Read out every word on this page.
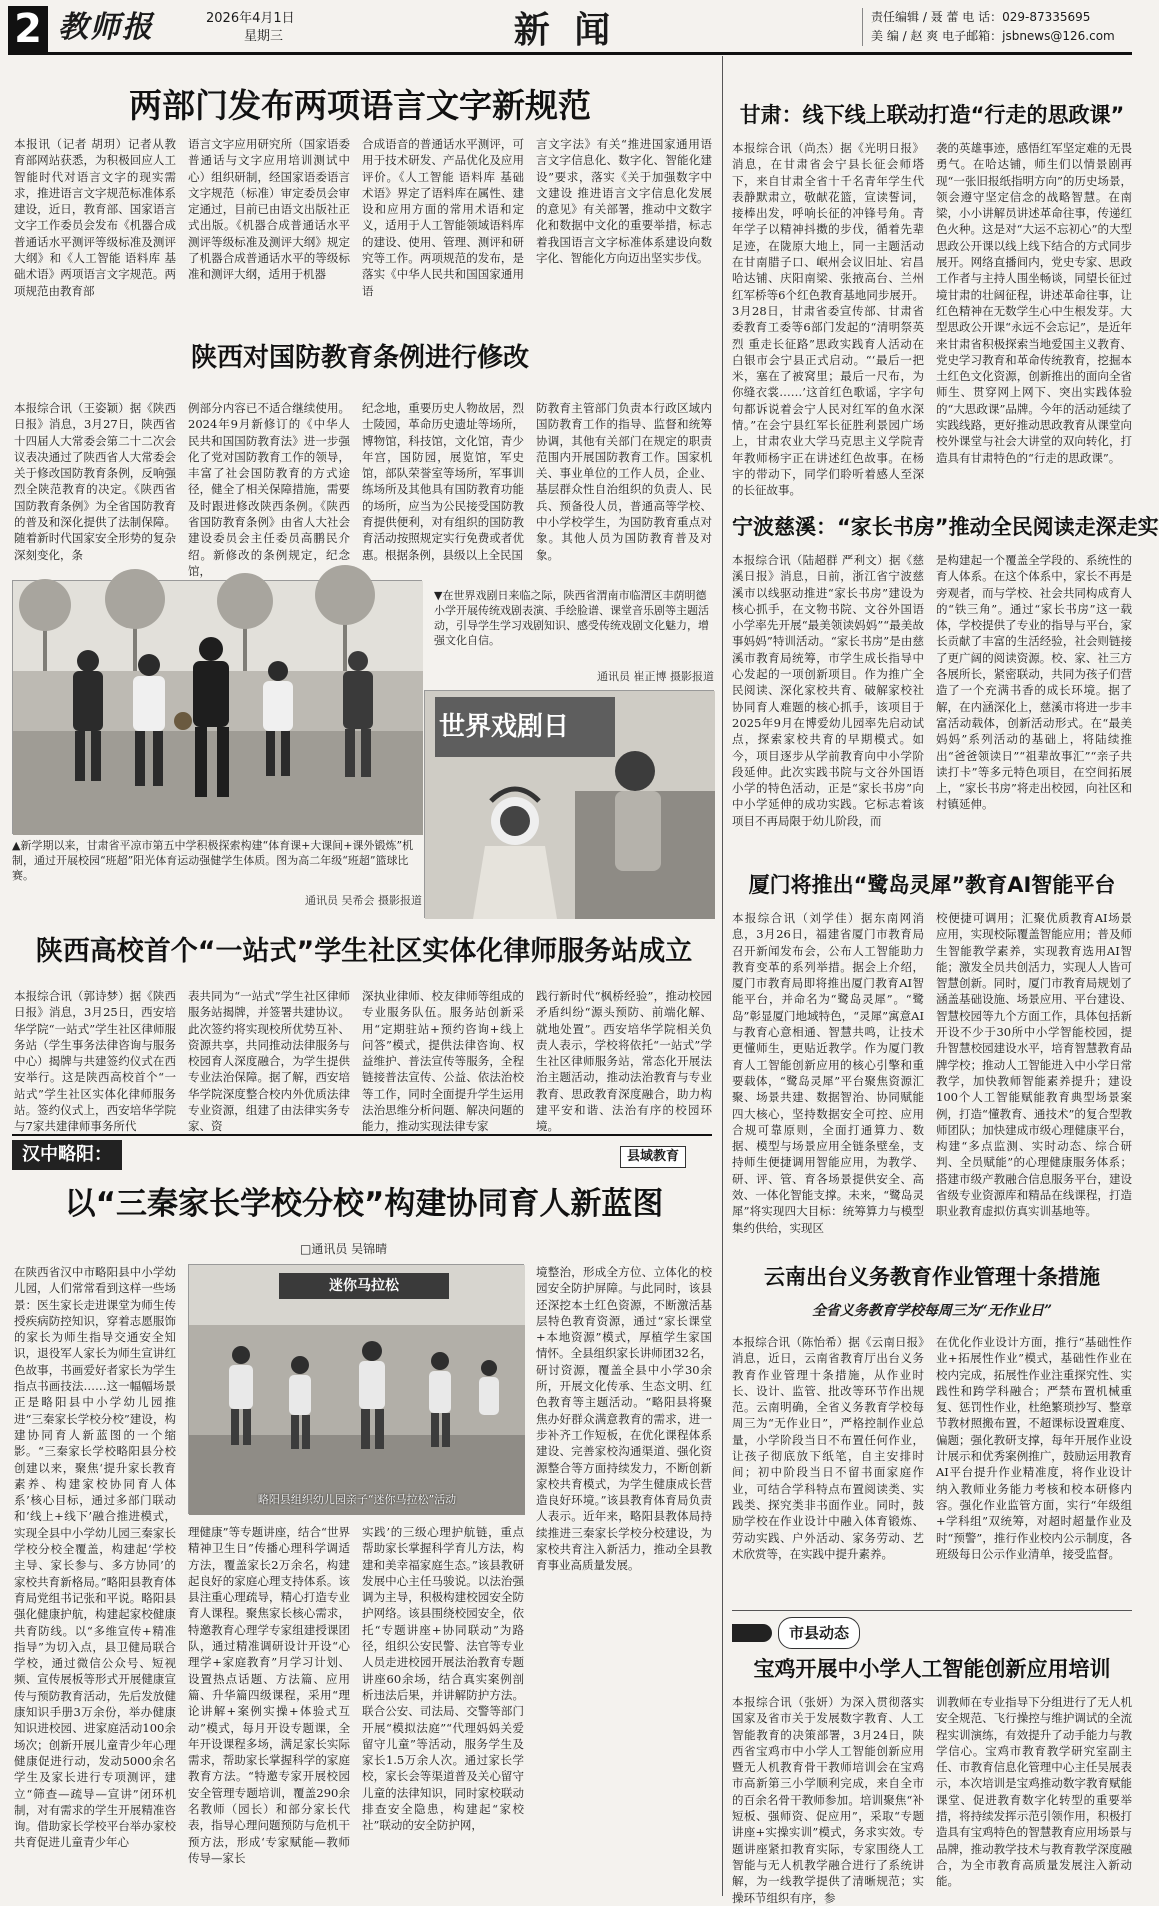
2 教师报	2026年4月1日
星期三	新 闻	责任编辑 / 聂 蕾 电 话：029-87335695
美 编 / 赵 爽 电子邮箱：jsbnews@126.com
两部门发布两项语言文字新规范
本报讯（记者 胡玥）记者从教育部网站获悉，为积极回应人工智能时代对语言文字的现实需求，推进语言文字规范标准体系建设，近日，教育部、国家语言文字工作委员会发布《机器合成普通话水平测评等级标准及测评大纲》和《人工智能 语料库 基础术语》两项语言文字规范。两项规范由教育部
语言文字应用研究所（国家语委普通话与文字应用培训测试中心）组织研制，经国家语委语言文字规范（标准）审定委员会审定通过，目前已由语文出版社正式出版。《机器合成普通话水平测评等级标准及测评大纲》规定了机器合成普通话水平的等级标准和测评大纲，适用于机器
合成语音的普通话水平测评，可用于技术研发、产品优化及应用评价。《人工智能 语料库 基础术语》界定了语料库在属性、建设和应用方面的常用术语和定义，适用于人工智能领域语料库的建设、使用、管理、测评和研究等工作。两项规范的发布，是落实《中华人民共和国国家通用语
言文字法》有关“推进国家通用语言文字信息化、数字化、智能化建设”要求，落实《关于加强数字中文建设 推进语言文字信息化发展的意见》有关部署，推动中文数字化和数据中文化的重要举措，标志着我国语言文字标准体系建设向数字化、智能化方向迈出坚实步伐。
陕西对国防教育条例进行修改
本报综合讯（王姿颖）据《陕西日报》消息，3月27日，陕西省十四届人大常委会第二十二次会议表决通过了陕西省人大常委会关于修改国防教育条例，反响强烈全陕范教育的决定。《陕西省国防教育条例》为全省国防教育的普及和深化提供了法制保障。随着新时代国家安全形势的复杂深刻变化，条
例部分内容已不适合继续使用。2024年9月新修订的《中华人民共和国国防教育法》进一步强化了党对国防教育工作的领导，丰富了社会国防教育的方式途径，健全了相关保障措施，需要及时跟进修改陕西条例。《陕西省国防教育条例》由省人大社会建设委员会主任委员高鹏民介绍。新修改的条例规定，纪念馆，
纪念地，重要历史人物故居，烈士陵园，革命历史遗址等场所，博物馆，科技馆，文化馆，青少年宫，国防园，展览馆，军史馆，部队荣誉室等场所，军事训练场所及其他具有国防教育功能的场所，应当为公民接受国防教育提供便利，对有组织的国防教育活动按照规定实行免费或者优惠。根据条例，县级以上全民国
防教育主管部门负责本行政区域内国防教育工作的指导、监督和统筹协调，其他有关部门在规定的职责范围内开展国防教育工作。国家机关、事业单位的工作人员，企业、基层群众性自治组织的负责人、民兵、预备役人员，普通高等学校、中小学校学生，为国防教育重点对象。其他人员为国防教育普及对象。
▲新学期以来，甘肃省平凉市第五中学积极探索构建“体育课+大课间+课外锻炼”机制，通过开展校园“班超”阳光体育运动强健学生体质。图为高二年级“班超”篮球比赛。
通讯员 吴希会 摄影报道
▼在世界戏剧日来临之际，陕西省渭南市临渭区丰荫明德小学开展传统戏剧表演、手绘脸谱、课堂音乐剧等主题活动，引导学生学习戏剧知识、感受传统戏剧文化魅力，增强文化自信。
通讯员 崔正博 摄影报道
世界戏剧日
陕西高校首个“一站式”学生社区实体化律师服务站成立
本报综合讯（郭诗梦）据《陕西日报》消息，3月25日，西安培华学院“一站式”学生社区律师服务站（学生事务法律咨询与服务中心）揭牌与共建签约仪式在西安举行。这是陕西高校首个“一站式”学生社区实体化律师服务站。签约仪式上，西安培华学院与7家共建律师事务所代
表共同为“一站式”学生社区律师服务站揭牌，并签署共建协议。此次签约将实现校所优势互补、资源共享，共同推动法律服务与校园育人深度融合，为学生提供专业法治保障。据了解，西安培华学院深度整合校内外优质法律专业资源，组建了由法律实务专家、资
深执业律师、校友律师等组成的专业服务队伍。服务站创新采用“定期驻站+预约咨询+线上问答”模式，提供法律咨询、权益维护、普法宣传等服务，全程链接普法宣传、公益、依法治校等工作，同时全面提升学生运用法治思维分析问题、解决问题的能力，推动实现法律专家
践行新时代“枫桥经验”，推动校园矛盾纠纷“源头预防、前端化解、就地处置”。西安培华学院相关负责人表示，学校将依托“一站式”学生社区律师服务站，常态化开展法治主题活动，推动法治教育与专业教育、思政教育深度融合，助力构建平安和谐、法治有序的校园环境。
汉中略阳：	县域教育
以“三秦家长学校分校”构建协同育人新蓝图
□通讯员 吴锦晴
在陕西省汉中市略阳县中小学幼儿园，人们常常看到这样一些场景：医生家长走进课堂为师生传授疾病防控知识，穿着志愿服饰的家长为师生指导交通安全知识，退役军人家长为师生宣讲红色故事，书画爱好者家长为学生指点书画技法……这一幅幅场景正是略阳县中小学幼儿园推进“三秦家长学校分校”建设，构建协同育人新蓝图的一个缩影。“三秦家长学校略阳县分校创建以来，聚焦‘提升家长教育素养、构建家校协同育人体系’核心目标，通过多部门联动和‘线上+线下’融合推进模式，实现全县中小学幼儿园三秦家长学校分校全覆盖，构建起‘学校主导、家长参与、多方协同’的家校共育新格局。”略阳县教育体育局党组书记张和平说。略阳县强化健康护航，构建起家校健康共育防线。以“多维宣传+精准指导”为切入点，县卫健局联合学校，通过微信公众号、短视频、宣传展板等形式开展健康宣传与预防教育活动，先后发放健康知识手册3万余份，举办健康知识进校园、进家庭活动100余场次；创新开展儿童青少年心理健康促进行动，发动5000余名学生及家长进行专项测评，建立“筛查—疏导—宣讲”闭环机制，对有需求的学生开展精准咨询。借助家长学校平台举办家校共育促进儿童青少年心
迷你马拉松
略阳县组织幼儿园亲子“迷你马拉松”活动
理健康”等专题讲座，结合“世界精神卫生日”传播心理科学调适方法，覆盖家长2万余名，构建起良好的家庭心理支持体系。该县注重心理疏导，精心打造专业育人课程。聚焦家长核心需求，特邀教育心理学专家组建授课团队，通过精准调研设计开设“心理学+家庭教育”月学习计划、设置热点话题、方法篇、应用篇、升华篇四级课程，采用“理论讲解+案例实操+体验式互动”模式，每月开设专题课，全年开设课程多场，满足家长实际需求，帮助家长掌握科学的家庭教育方法。“特邀专家开展校园安全管理专题培训，覆盖290余名教师（园长）和部分家长代表，指导心理问题预防与危机干预方法，形成‘专家赋能—教师传导—家长
实践’的三级心理护航链，重点帮助家长掌握科学育儿方法，构建和美幸福家庭生态。”该县教研发展中心主任马骏说。以法治强调为主导，积极构建校园安全防护网络。该县围绕校园安全，依托“专题讲座+协同联动”为路径，组织公安民警、法官等专业人员走进校园开展法治教育专题讲座60余场，结合真实案例剖析违法后果，并讲解防护方法。联合公安、司法局、交警等部门开展“模拟法庭”“代理妈妈关爱留守儿童”等活动，服务学生及家长1.5万余人次。通过家长学校，家长会等渠道普及关心留守儿童的法律知识，同时家校联动排查安全隐患，构建起“家校社”联动的安全防护网，
境整治，形成全方位、立体化的校园安全防护屏障。与此同时，该县还深挖本土红色资源，不断激活基层特色教育资源，通过“家长课堂+本地资源”模式，厚植学生家国情怀。全县组织家长讲师团32名，研讨资源，覆盖全县中小学30余所，开展文化传承、生态文明、红色教育等主题活动。“略阳县将聚焦办好群众满意教育的需求，进一步补齐工作短板，在优化课程体系建设、完善家校沟通渠道、强化资源整合等方面持续发力，不断创新家校共育模式，为学生健康成长营造良好环境。”该县教育体育局负责人表示。近年来，略阳县教体局持续推进三秦家长学校分校建设，为家校共育注入新活力，推动全县教育事业高质量发展。
甘肃：线下线上联动打造“行走的思政课”
本报综合讯（尚杰）据《光明日报》消息，在甘肃省会宁县长征会师塔下，来自甘肃全省十千名青年学生代表静默肃立，敬献花篮，宣读誓词，接棒出发，呼响长征的冲锋号角。青年学子以精神抖擞的步伐，循着先辈足迹，在陇原大地上，同一主题活动在甘南腊子口、岷州会议旧址、宕昌哈达铺、庆阳南梁、张掖高台、兰州红军桥等6个红色教育基地同步展开。3月28日，甘肃省委宣传部、甘肃省委教育工委等6部门发起的“清明祭英烈 重走长征路”思政实践育人活动在白银市会宁县正式启动。“‘最后一把米，塞在了被窝里；最后一尺布，为你缝衣裳……’这首红色歌谣，字字句句都诉说着会宁人民对红军的鱼水深情。”在会宁县红军长征胜利景园广场上，甘肃农业大学马克思主义学院青年教师杨宇正在讲述红色故事。在杨宇的带动下，同学们聆听着感人至深的长征故事。
袭的英雄事迹，感悟红军坚定难的无畏勇气。在哈达铺，师生们以情景剧再现“一张旧报纸指明方向”的历史场景，领会遵守坚定信念的战略智慧。在南梁，小小讲解员讲述革命往事，传递红色火种。这是对“大运不忘初心”的大型思政公开课以线上线下结合的方式同步展开。网络直播间内，党史专家、思政工作者与主持人围坐畅谈，同望长征过境甘肃的壮阔征程，讲述革命往事，让红色精神在无数学生心中生根发芽。大型思政公开课“永远不会忘记”，是近年来甘肃省积极探索当地爱国主义教育、党史学习教育和革命传统教育，挖掘本土红色文化资源，创新推出的面向全省师生、贯穿网上网下、突出实践体验的“大思政课”品牌。今年的活动延续了实践线路，更好推动思政教育从课堂向校外课堂与社会大讲堂的双向转化，打造具有甘肃特色的“行走的思政课”。
宁波慈溪：“家长书房”推动全民阅读走深走实
本报综合讯（陆超群 严利文）据《慈溪日报》消息，日前，浙江省宁波慈溪市以线驱动推进“家长书房”建设为核心抓手，在文物书院、文谷外国语小学率先开展“最美领读妈妈”“最美故事妈妈”特训活动。“家长书房”是由慈溪市教育局统筹，市学生成长指导中心发起的一项创新项目。作为推广全民阅读、深化家校共育、破解家校社协同育人难题的核心抓手，该项目于2025年9月在博爱幼儿园率先启动试点，探索家校共育的早期模式。如今，项目逐步从学前教育向中小学阶段延伸。此次实践书院与文谷外国语小学的特色活动，正是“家长书房”向中小学延伸的成功实践。它标志着该项目不再局限于幼儿阶段，而
是构建起一个覆盖全学段的、系统性的育人体系。在这个体系中，家长不再是旁观者，而与学校、社会共同构成育人的“铁三角”。通过“家长书房”这一载体，学校提供了专业的指导与平台，家长贡献了丰富的生活经验，社会则链接了更广阔的阅读资源。校、家、社三方各展所长，紧密联动，共同为孩子们营造了一个充满书香的成长环境。据了解，在内涵深化上，慈溪市将进一步丰富活动载体，创新活动形式。在“最美妈妈”系列活动的基础上，将陆续推出“爸爸领读日”“祖辈故事汇”“亲子共读打卡”等多元特色项目，在空间拓展上，“家长书房”将走出校园，向社区和村镇延伸。
厦门将推出“鹭岛灵犀”教育AI智能平台
本报综合讯（刘学佳）据东南网消息，3月26日，福建省厦门市教育局召开新闻发布会，公布人工智能助力教育变革的系列举措。据会上介绍，厦门市教育局即将推出厦门教育AI智能平台，并命名为“鹭岛灵犀”。“鹭岛”彰显厦门地域特色，“灵犀”寓意AI与教育心意相通、智慧共鸣，让技术更懂师生，更贴近教学。作为厦门教育人工智能创新应用的核心引擎和重要载体，“鹭岛灵犀”平台聚焦资源汇聚、场景共建、数据智治、协同赋能四大核心，坚持数据安全可控、应用合规可靠原则，全面打通算力、数据、模型与场景应用全链条壁垒，支持师生便捷调用智能应用，为教学、研、评、管、育各场景提供安全、高效、一体化智能支撑。未来，“鹭岛灵犀”将实现四大目标：统筹算力与模型集约供给，实现区
校便捷可调用；汇聚优质教育AI场景应用，实现校际覆盖智能应用；普及师生智能教学素养，实现教育选用AI智能；激发全员共创活力，实现人人皆可智慧创新。同时，厦门市教育局规划了涵盖基础设施、场景应用、平台建设、智慧校园等九个方面工作，具体包括新开设不少于30所中小学智能校园，提升智慧校园建设水平，培育智慧教育品牌学校；推动人工智能进入中小学日常教学，加快教师智能素养提升；建设100个人工智能赋能教育典型场景案例，打造“懂教育、通技术”的复合型教师团队；加快建成市级心理健康平台，构建“多点监测、实时动态、综合研判、全员赋能”的心理健康服务体系；搭建市级产教融合信息服务平台，建设省级专业资源库和精品在线课程，打造职业教育虚拟仿真实训基地等。
云南出台义务教育作业管理十条措施
全省义务教育学校每周三为“无作业日”
本报综合讯（陈怡希）据《云南日报》消息，近日，云南省教育厅出台义务教育作业管理十条措施，从作业时长、设计、监管、批改等环节作出规范。云南明确，全省义务教育学校每周三为“无作业日”，严格控制作业总量，小学阶段当日不布置任何作业，让孩子彻底放下纸笔，自主安排时间；初中阶段当日不留书面家庭作业，可结合学科特点布置阅读类、实践类、探究类非书面作业。同时，鼓励学校在作业设计中融入体育锻炼、劳动实践、户外活动、家务劳动、艺术欣赏等，在实践中提升素养。
在优化作业设计方面，推行“基础性作业+拓展性作业”模式，基础性作业在校内完成，拓展性作业注重探究性、实践性和跨学科融合；严禁布置机械重复、惩罚性作业，杜绝繁琐抄写、整章节教材照搬布置，不超课标设置难度、偏题；强化教研支撑，每年开展作业设计展示和优秀案例推广，鼓励运用教育AI平台提升作业精准度，将作业设计纳入教师业务能力考核和校本研修内容。强化作业监管方面，实行“年级组+学科组”双统筹，对超时超量作业及时“预警”，推行作业校内公示制度，各班级每日公示作业清单，接受监督。
市县动态
宝鸡开展中小学人工智能创新应用培训
本报综合讯（张妍）为深入贯彻落实国家及省市关于发展数字教育、人工智能教育的决策部署，3月24日，陕西省宝鸡市中小学人工智能创新应用暨无人机教育骨干教师培训会在宝鸡市高新第三小学顺利完成，来自全市的百余名骨干教师参加。培训聚焦“补短板、强师资、促应用”，采取“专题讲座+实操实训”模式，务求实效。专题讲座紧扣教育实际，专家围绕人工智能与无人机教学融合进行了系统讲解，为一线教学提供了清晰规范；实操环节组织有序，参
训教师在专业指导下分组进行了无人机安全规范、飞行操控与维护调试的全流程实训演练，有效提升了动手能力与教学信心。宝鸡市教育教学研究室副主任、市教育信息化管理中心主任吴展表示，本次培训是宝鸡推动数字教育赋能课堂、促进教育数字化转型的重要举措，将持续发挥示范引领作用，积极打造具有宝鸡特色的智慧教育应用场景与品牌，推动教学技术与教育教学深度融合，为全市教育高质量发展注入新动能。
